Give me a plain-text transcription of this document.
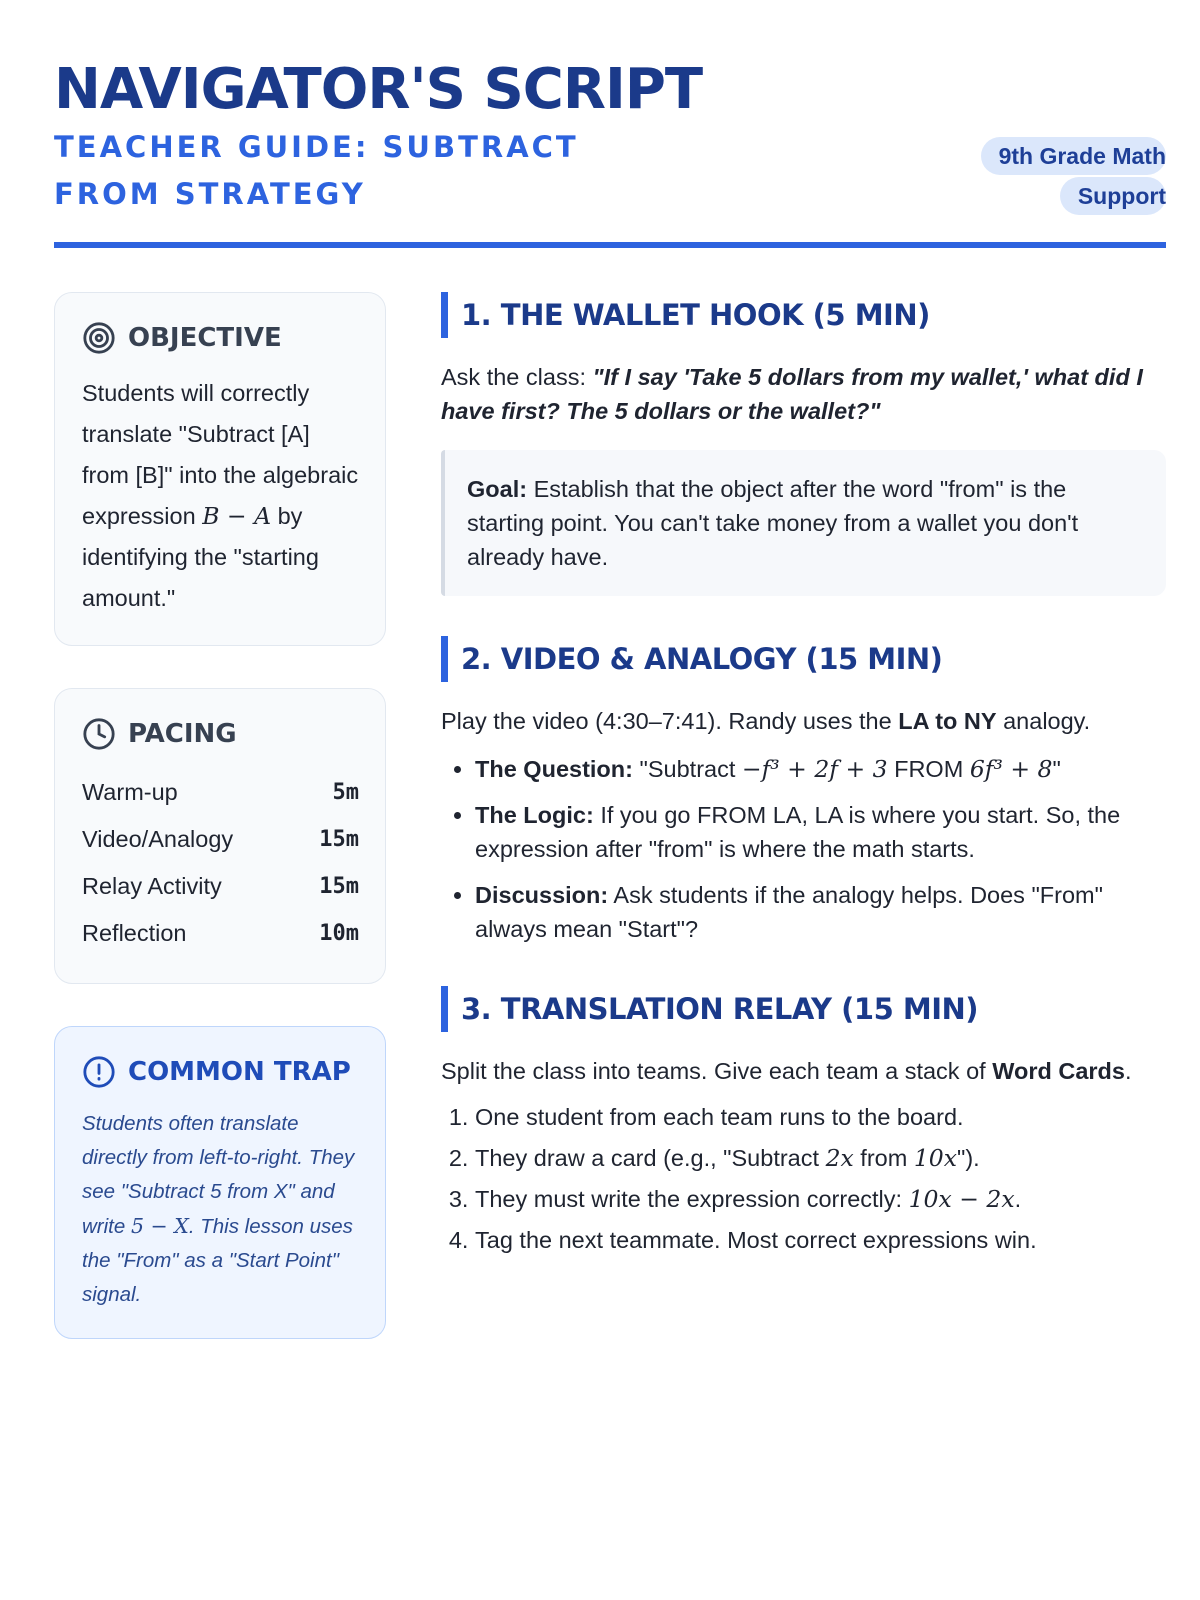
NAVIGATOR'S SCRIPT
TEACHER GUIDE: SUBTRACT FROM STRATEGY
9th Grade Math Support
OBJECTIVE
Students will correctly translate "Subtract [A] from [B]" into the algebraic expression B − A by identifying the "starting amount."
PACING
Warm-up	5m
Video/Analogy	15m
Relay Activity	15m
Reflection	10m
COMMON TRAP
Students often translate directly from left-to-right. They see "Subtract 5 from X" and write 5 − X. This lesson uses the "From" as a "Start Point" signal.
1. THE WALLET HOOK (5 MIN)
Ask the class: "If I say 'Take 5 dollars from my wallet,' what did I have first? The 5 dollars or the wallet?"
Goal: Establish that the object after the word "from" is the starting point. You can't take money from a wallet you don't already have.
2. VIDEO & ANALOGY (15 MIN)
Play the video (4:30–7:41). Randy uses the LA to NY analogy.
• The Question: "Subtract −f³ + 2f + 3 FROM 6f³ + 8"
• The Logic: If you go FROM LA, LA is where you start. So, the expression after "from" is where the math starts.
• Discussion: Ask students if the analogy helps. Does "From" always mean "Start"?
3. TRANSLATION RELAY (15 MIN)
Split the class into teams. Give each team a stack of Word Cards.
1. One student from each team runs to the board.
2. They draw a card (e.g., "Subtract 2x from 10x").
3. They must write the expression correctly: 10x − 2x.
4. Tag the next teammate. Most correct expressions win.
